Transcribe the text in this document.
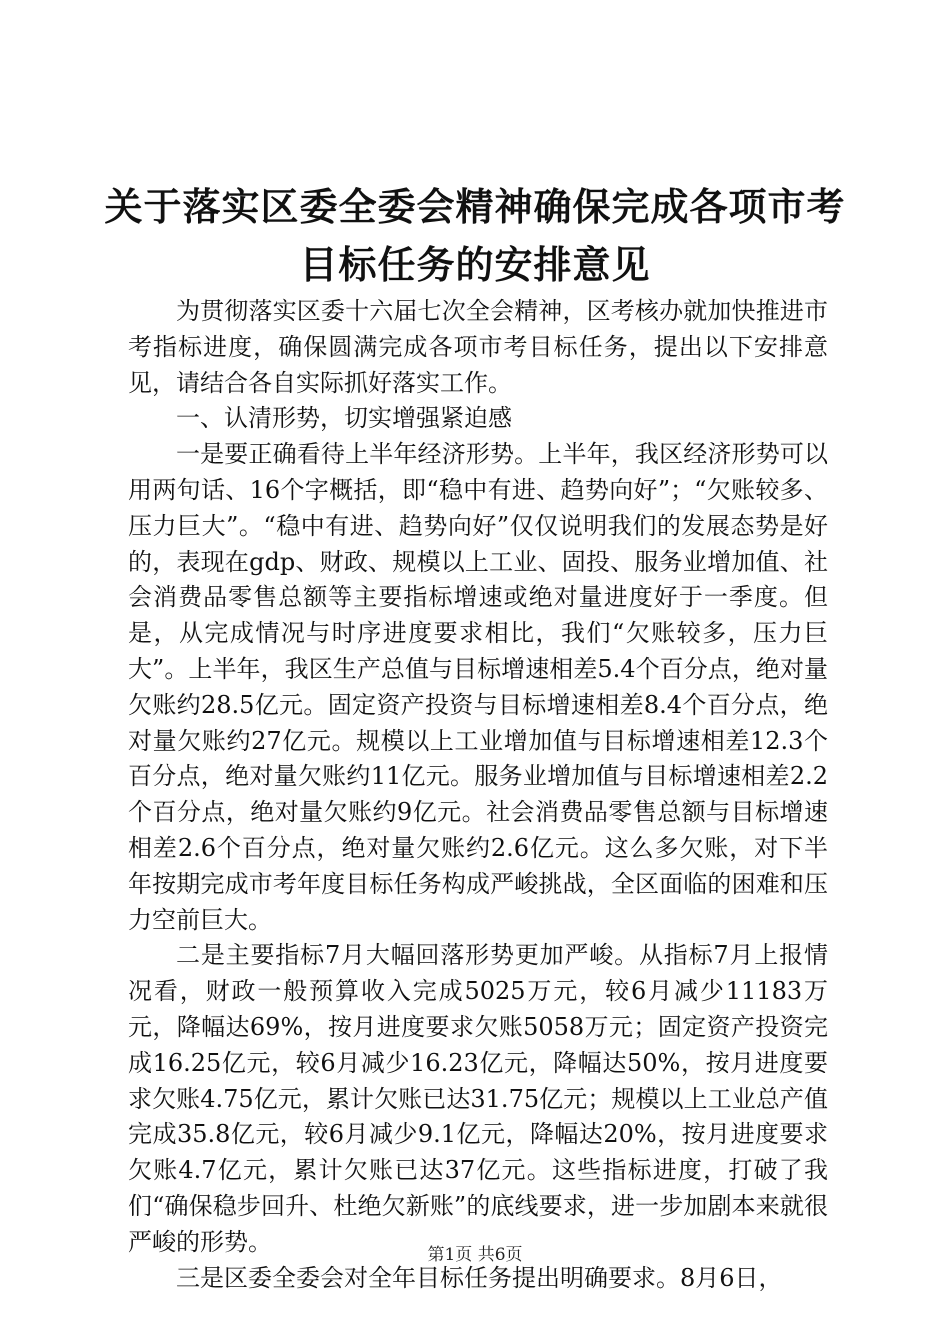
关于落实区委全委会精神确保完成各项市考目标任务的安排意见

为贯彻落实区委十六届七次全会精神，区考核办就加快推进市考指标进度，确保圆满完成各项市考目标任务，提出以下安排意见，请结合各自实际抓好落实工作。

一、认清形势，切实增强紧迫感

一是要正确看待上半年经济形势。上半年，我区经济形势可以用两句话、16个字概括，即“稳中有进、趋势向好”；“欠账较多、压力巨大”。“稳中有进、趋势向好”仅仅说明我们的发展态势是好的，表现在gdp、财政、规模以上工业、固投、服务业增加值、社会消费品零售总额等主要指标增速或绝对量进度好于一季度。但是，从完成情况与时序进度要求相比，我们“欠账较多，压力巨大”。上半年，我区生产总值与目标增速相差5.4个百分点，绝对量欠账约28.5亿元。固定资产投资与目标增速相差8.4个百分点，绝对量欠账约27亿元。规模以上工业增加值与目标增速相差12.3个百分点，绝对量欠账约11亿元。服务业增加值与目标增速相差2.2个百分点，绝对量欠账约9亿元。社会消费品零售总额与目标增速相差2.6个百分点，绝对量欠账约2.6亿元。这么多欠账，对下半年按期完成市考年度目标任务构成严峻挑战，全区面临的困难和压力空前巨大。

二是主要指标7月大幅回落形势更加严峻。从指标7月上报情况看，财政一般预算收入完成5025万元，较6月减少11183万元，降幅达69%，按月进度要求欠账5058万元；固定资产投资完成16.25亿元，较6月减少16.23亿元，降幅达50%，按月进度要求欠账4.75亿元，累计欠账已达31.75亿元；规模以上工业总产值完成35.8亿元，较6月减少9.1亿元，降幅达20%，按月进度要求欠账4.7亿元，累计欠账已达37亿元。这些指标进度，打破了我们“确保稳步回升、杜绝欠新账”的底线要求，进一步加剧本来就很严峻的形势。

三是区委全委会对全年目标任务提出明确要求。8月6日，

第1页 共6页
